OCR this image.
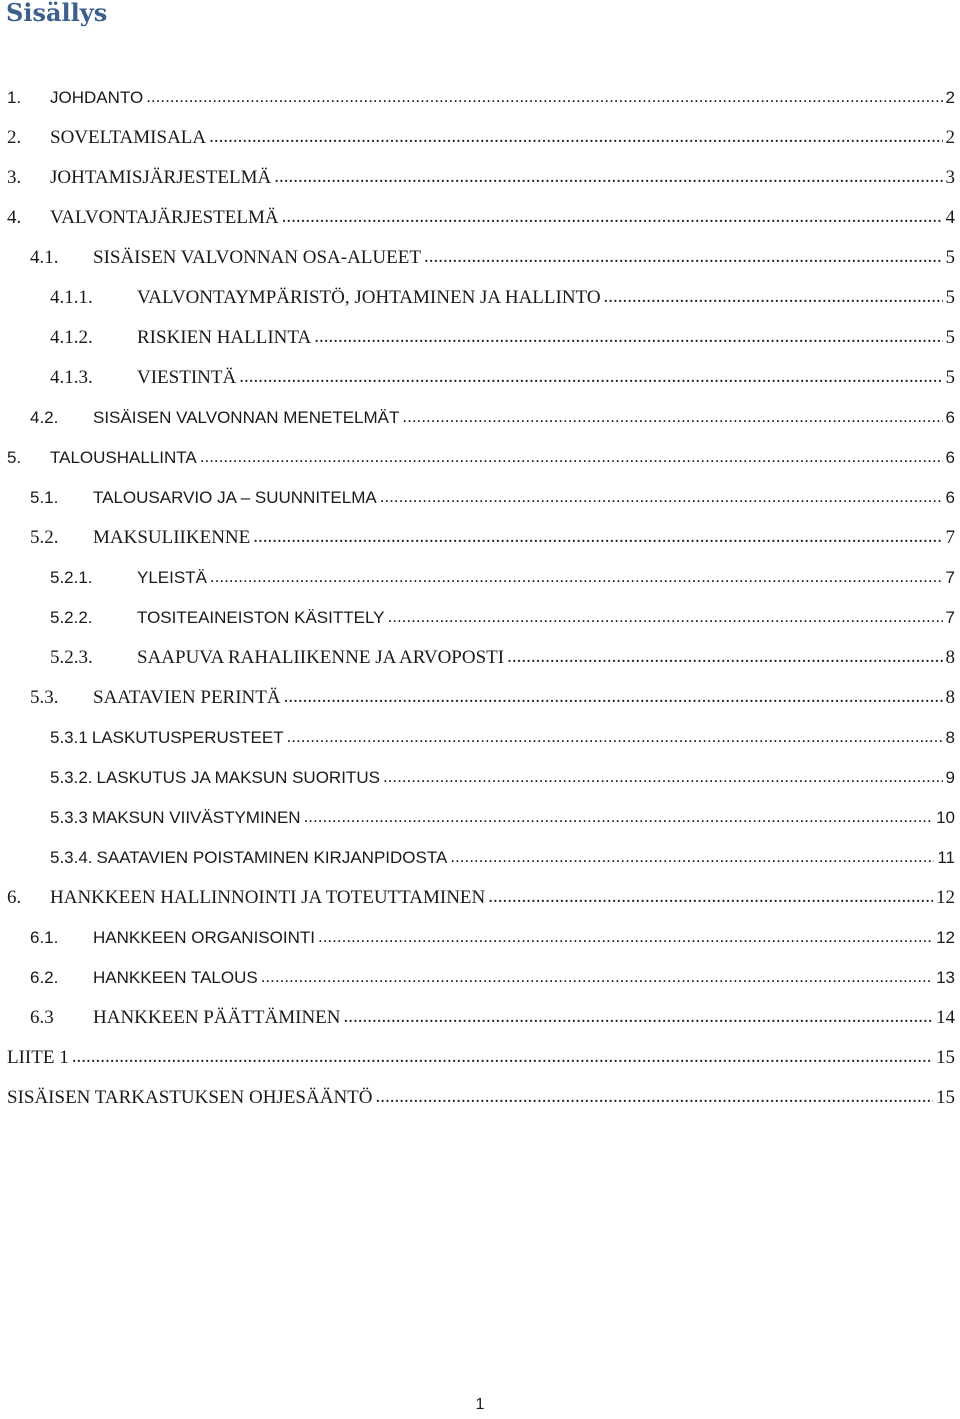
Sisällys
1.	JOHDANTO .....	2
2.	SOVELTAMISALA .....	2
3.	JOHTAMISJÄRJESTELMÄ .....	3
4.	VALVONTAJÄRJESTELMÄ .....	4
4.1.	SISÄISEN VALVONNAN OSA-ALUEET .....	5
4.1.1.	VALVONTAYMPÄRISTÖ, JOHTAMINEN JA HALLINTO .....	5
4.1.2.	RISKIEN HALLINTA .....	5
4.1.3.	VIESTINTÄ .....	5
4.2.	SISÄISEN VALVONNAN MENETELMÄT .....	6
5.	TALOUSHALLINTA .....	6
5.1.	TALOUSARVIO JA – SUUNNITELMA .....	6
5.2.	MAKSULIIKENNE .....	7
5.2.1.	YLEISTÄ .....	7
5.2.2.	TOSITEAINEISTON KÄSITTELY .....	7
5.2.3.	SAAPUVA RAHALIIKENNE JA ARVOPOSTI .....	8
5.3.	SAATAVIEN PERINTÄ .....	8
5.3.1 LASKUTUSPERUSTEET .....	8
5.3.2. LASKUTUS JA MAKSUN SUORITUS .....	9
5.3.3 MAKSUN VIIVÄSTYMINEN .....	10
5.3.4. SAATAVIEN POISTAMINEN KIRJANPIDOSTA .....	11
6.	HANKKEEN HALLINNOINTI JA TOTEUTTAMINEN .....	12
6.1.	HANKKEEN ORGANISOINTI .....	12
6.2.	HANKKEEN TALOUS .....	13
6.3	HANKKEEN PÄÄTTÄMINEN .....	14
LIITE 1 .....	15
SISÄISEN TARKASTUKSEN OHJESÄÄNTÖ .....	15
1
